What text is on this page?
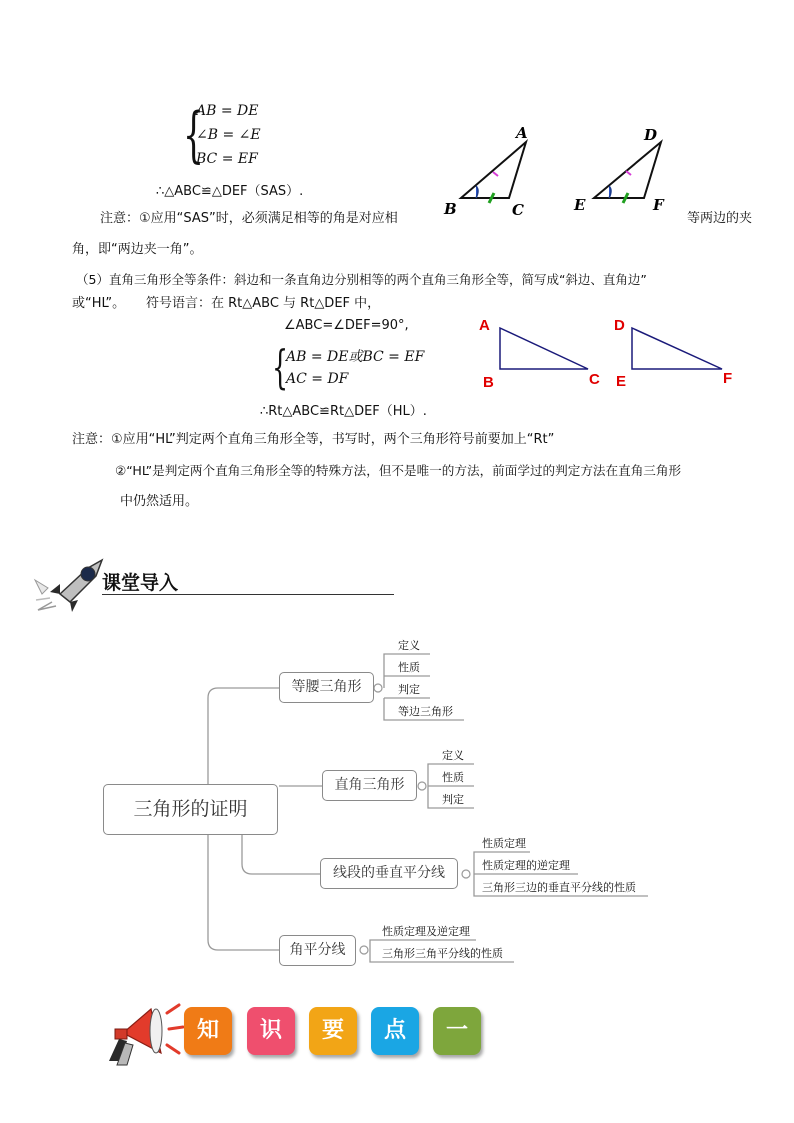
{
AB = DE
∠B = ∠E
BC = EF
∴△ABC≌△DEF（SAS）.
A
B	C
D
E	F
注意：①应用“SAS”时，必须满足相等的角是对应相	等两边的夹
角，即“两边夹一角”。
（5）直角三角形全等条件：斜边和一条直角边分别相等的两个直角三角形全等，简写成“斜边、直角边”
或“HL”。 符号语言：在 Rt△ABC 与 Rt△DEF 中，
∠ABC=∠DEF=90°,
{
AB = DE或BC = EF
AC = DF
∴Rt△ABC≌Rt△DEF（HL）.
A
B	C
D
E	F
注意：①应用“HL”判定两个直角三角形全等，书写时，两个三角形符号前要加上“Rt”
②“HL”是判定两个直角三角形全等的特殊方法，但不是唯一的方法，前面学过的判定方法在直角三角形
中仍然适用。
课堂导入
三角形的证明
等腰三角形
直角三角形
线段的垂直平分线
角平分线
定义
性质
判定
等边三角形
定义
性质
判定
性质定理
性质定理的逆定理
三角形三边的垂直平分线的性质
性质定理及逆定理
三角形三角平分线的性质
知	识	要	点	一
